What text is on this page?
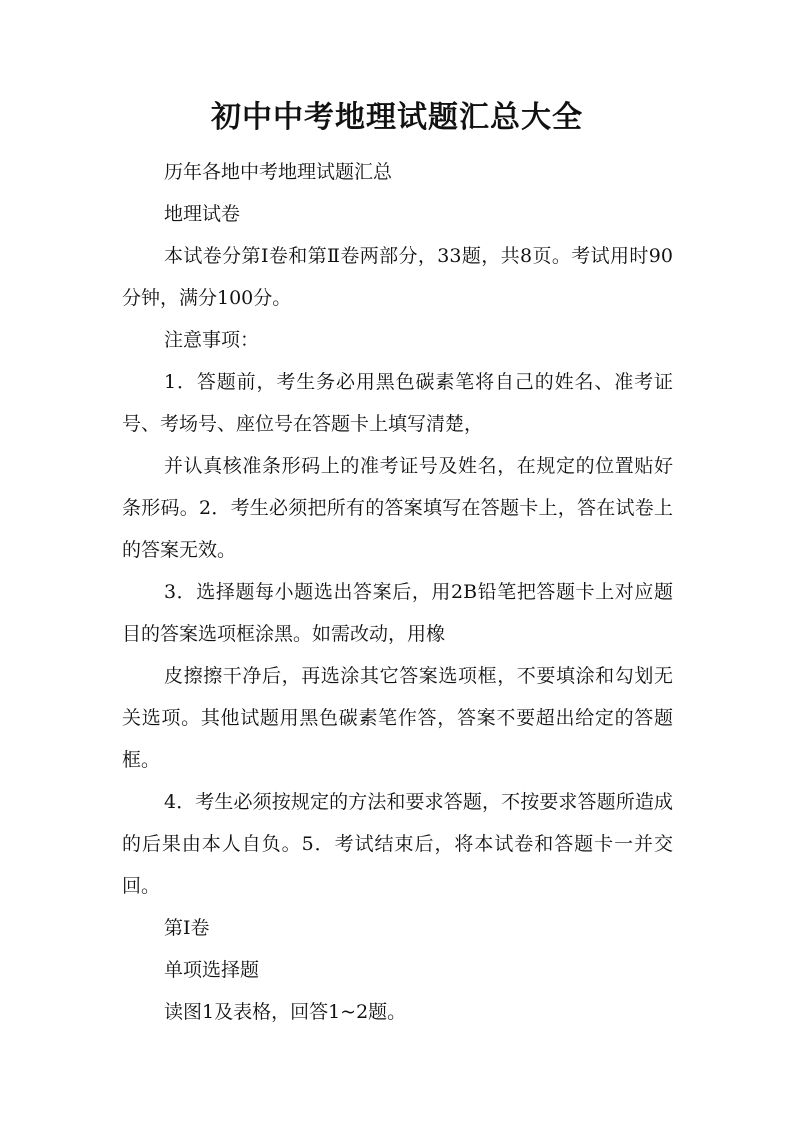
初中中考地理试题汇总大全

历年各地中考地理试题汇总

地理试卷

本试卷分第Ⅰ卷和第Ⅱ卷两部分，33题，共8页。考试用时90分钟，满分100分。

注意事项：

1．答题前，考生务必用黑色碳素笔将自己的姓名、准考证号、考场号、座位号在答题卡上填写清楚，

并认真核准条形码上的准考证号及姓名，在规定的位置贴好条形码。2．考生必须把所有的答案填写在答题卡上，答在试卷上的答案无效。

3．选择题每小题选出答案后，用2B铅笔把答题卡上对应题目的答案选项框涂黑。如需改动，用橡

皮擦擦干净后，再选涂其它答案选项框，不要填涂和勾划无关选项。其他试题用黑色碳素笔作答，答案不要超出给定的答题框。

4．考生必须按规定的方法和要求答题，不按要求答题所造成的后果由本人自负。5．考试结束后，将本试卷和答题卡一并交回。

第Ⅰ卷

单项选择题

读图1及表格，回答1~2题。
